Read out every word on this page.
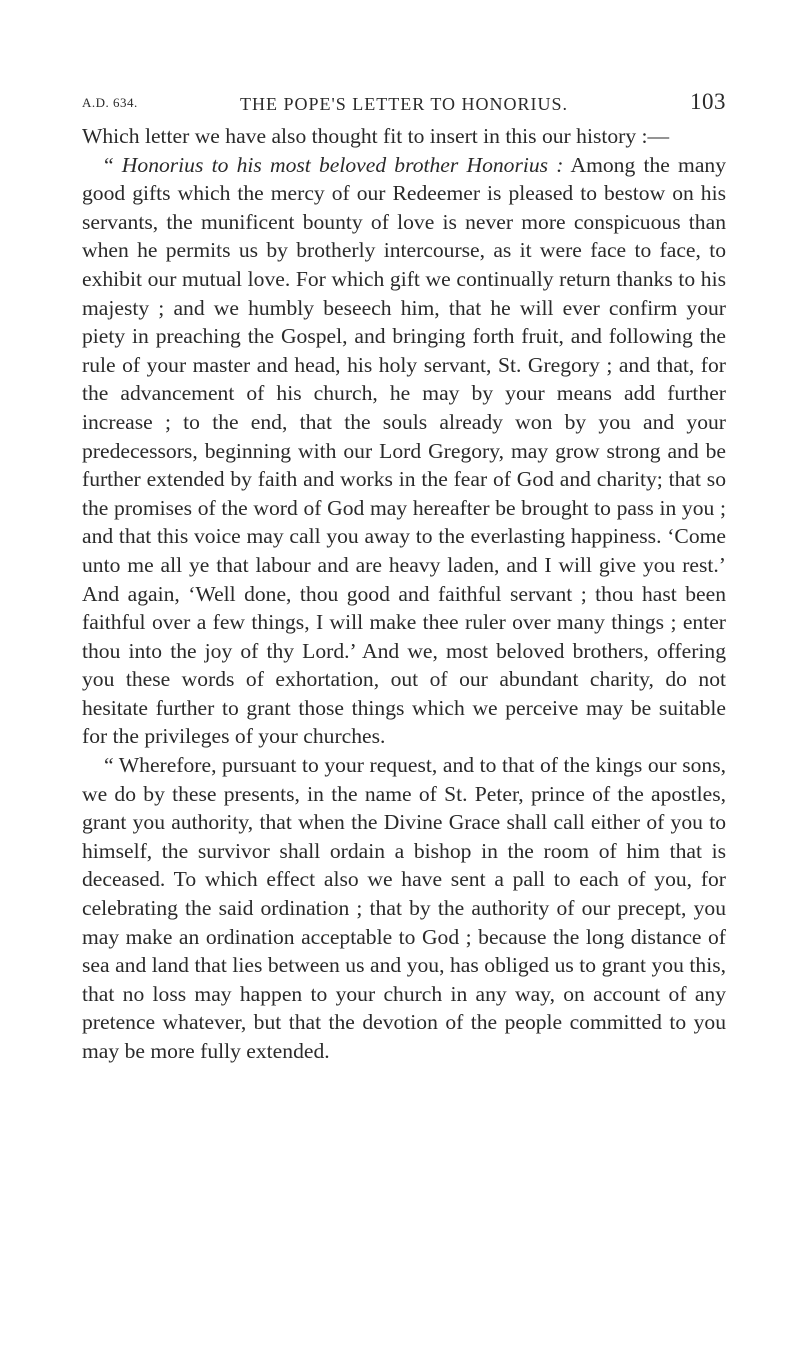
A.D. 634.	THE POPE'S LETTER TO HONORIUS.	103

Which letter we have also thought fit to insert in this our history :—

“ Honorius to his most beloved brother Honorius : Among the many good gifts which the mercy of our Redeemer is pleased to bestow on his servants, the munificent bounty of love is never more conspicuous than when he permits us by brotherly intercourse, as it were face to face, to exhibit our mutual love. For which gift we continually return thanks to his majesty ; and we humbly beseech him, that he will ever confirm your piety in preaching the Gospel, and bringing forth fruit, and following the rule of your master and head, his holy servant, St. Gregory ; and that, for the advancement of his church, he may by your means add further increase ; to the end, that the souls already won by you and your predecessors, beginning with our Lord Gregory, may grow strong and be further extended by faith and works in the fear of God and charity; that so the promises of the word of God may hereafter be brought to pass in you ; and that this voice may call you away to the everlasting happiness. ‘Come unto me all ye that labour and are heavy laden, and I will give you rest.’ And again, ‘Well done, thou good and faithful servant ; thou hast been faithful over a few things, I will make thee ruler over many things ; enter thou into the joy of thy Lord.’ And we, most beloved brothers, offering you these words of exhortation, out of our abundant charity, do not hesitate further to grant those things which we perceive may be suitable for the privileges of your churches.

“ Wherefore, pursuant to your request, and to that of the kings our sons, we do by these presents, in the name of St. Peter, prince of the apostles, grant you authority, that when the Divine Grace shall call either of you to himself, the survivor shall ordain a bishop in the room of him that is deceased. To which effect also we have sent a pall to each of you, for celebrating the said ordination ; that by the authority of our precept, you may make an ordination acceptable to God ; because the long distance of sea and land that lies between us and you, has obliged us to grant you this, that no loss may happen to your church in any way, on account of any pretence whatever, but that the devotion of the people committed to you may be more fully extended.
